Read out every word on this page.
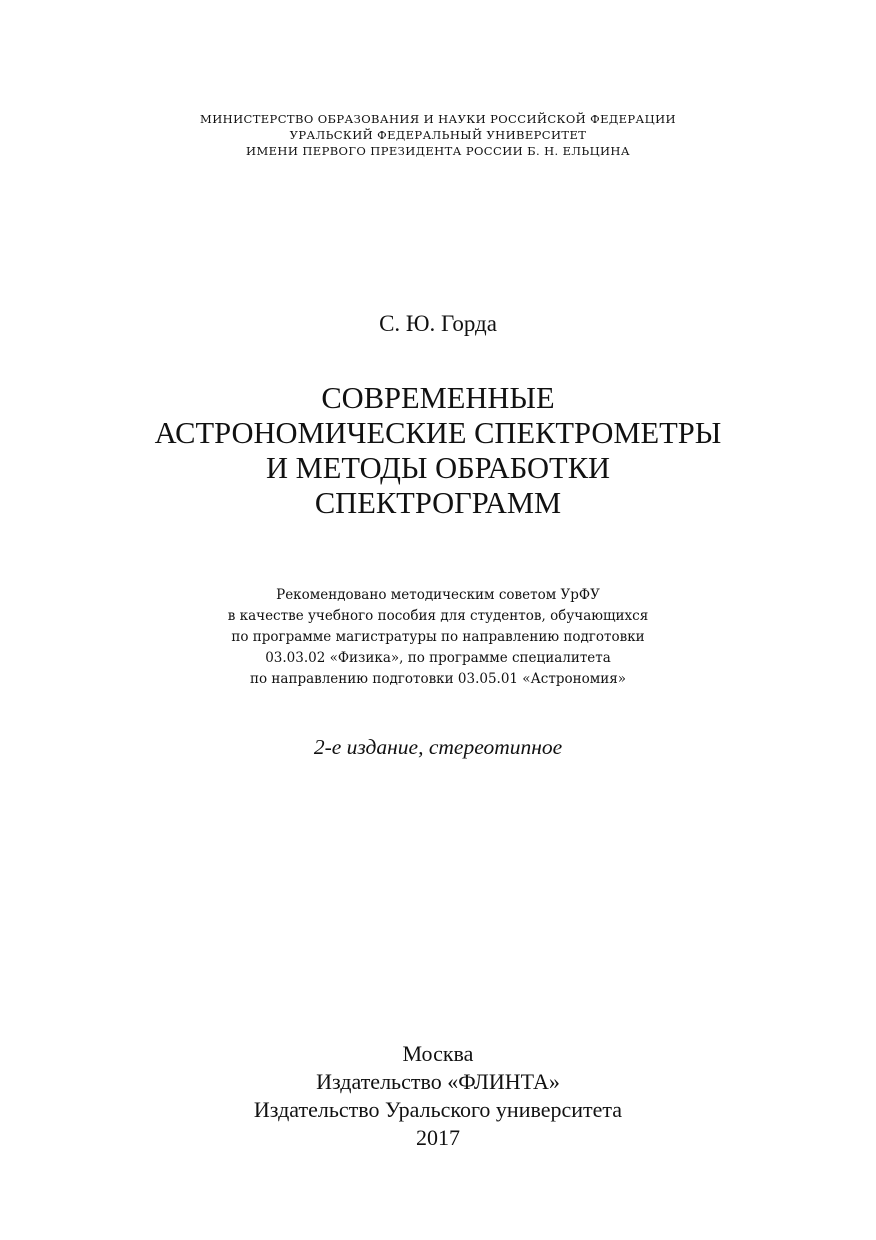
МИНИСТЕРСТВО ОБРАЗОВАНИЯ И НАУКИ РОССИЙСКОЙ ФЕДЕРАЦИИ
УРАЛЬСКИЙ ФЕДЕРАЛЬНЫЙ УНИВЕРСИТЕТ
ИМЕНИ ПЕРВОГО ПРЕЗИДЕНТА РОССИИ Б. Н. ЕЛЬЦИНА
С. Ю. Горда
СОВРЕМЕННЫЕ
АСТРОНОМИЧЕСКИЕ СПЕКТРОМЕТРЫ
И МЕТОДЫ ОБРАБОТКИ
СПЕКТРОГРАММ
Рекомендовано методическим советом УрФУ
в качестве учебного пособия для студентов, обучающихся
по программе магистратуры по направлению подготовки
03.03.02 «Физика», по программе специалитета
по направлению подготовки 03.05.01 «Астрономия»
2-е издание, стереотипное
Москва
Издательство «ФЛИНТА»
Издательство Уральского университета
2017
